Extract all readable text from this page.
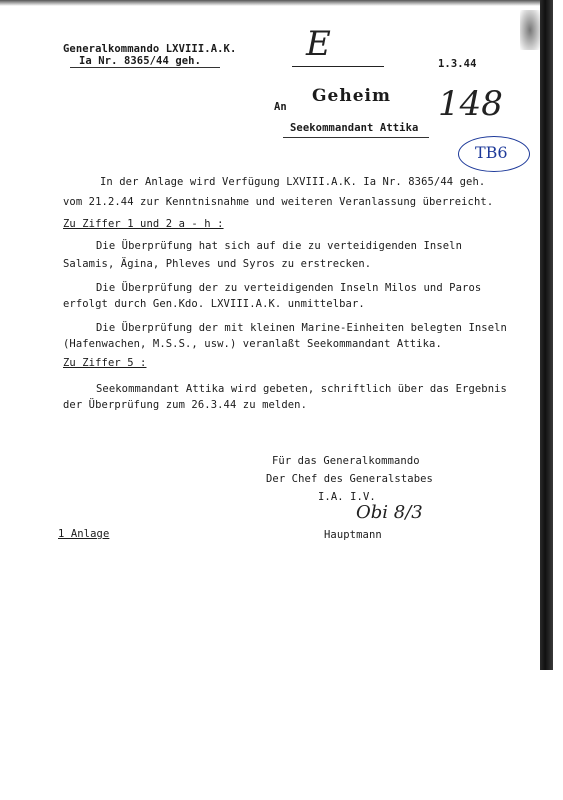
Generalkommando LXVIII.A.K.
Ia Nr. 8365/44 geh.	1.3.44
E
148
TB6
Geheim
An
Seekommandant Attika
In der Anlage wird Verfügung LXVIII.A.K. Ia Nr. 8365/44 geh.
vom 21.2.44 zur Kenntnisnahme und weiteren Veranlassung überreicht.
Zu Ziffer 1 und 2 a - h :
Die Überprüfung hat sich auf die zu verteidigenden Inseln
Salamis, Ägina, Phleves und Syros zu erstrecken.
Die Überprüfung der zu verteidigenden Inseln Milos und Paros
erfolgt durch Gen.Kdo. LXVIII.A.K. unmittelbar.
Die Überprüfung der mit kleinen Marine-Einheiten belegten Inseln
(Hafenwachen, M.S.S., usw.) veranlaßt Seekommandant Attika.
Zu Ziffer 5 :
Seekommandant Attika wird gebeten, schriftlich über das Ergebnis
der Überprüfung zum 26.3.44 zu melden.
Für das Generalkommando
Der Chef des Generalstabes
I.A. I.V.
Obi 8/3
Hauptmann
1 Anlage
